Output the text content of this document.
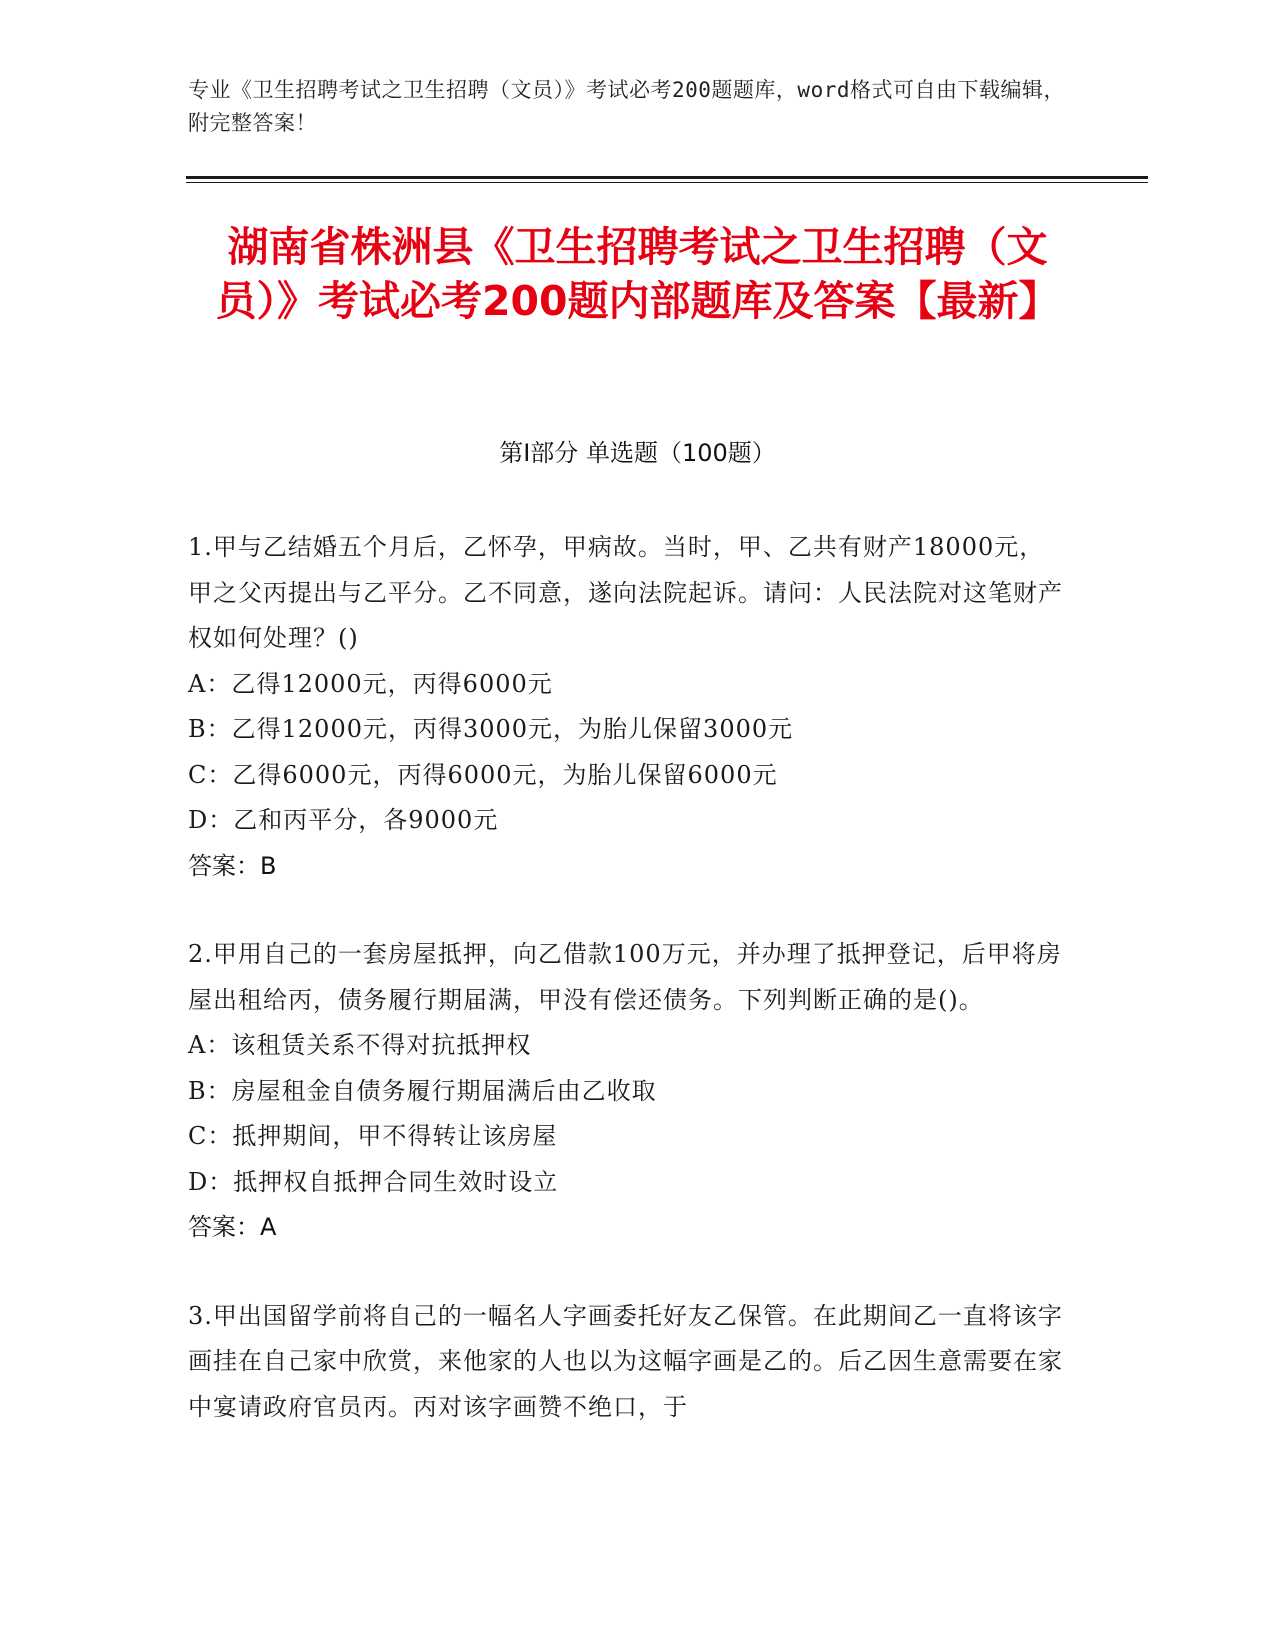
专业《卫生招聘考试之卫生招聘（文员）》考试必考200题题库，word格式可自由下载编辑，附完整答案！
湖南省株洲县《卫生招聘考试之卫生招聘（文员）》考试必考200题内部题库及答案【最新】
第I部分 单选题（100题）

1.甲与乙结婚五个月后，乙怀孕，甲病故。当时，甲、乙共有财产18000元，甲之父丙提出与乙平分。乙不同意，遂向法院起诉。请问：人民法院对这笔财产权如何处理？()

A：乙得12000元，丙得6000元

B：乙得12000元，丙得3000元，为胎儿保留3000元

C：乙得6000元，丙得6000元，为胎儿保留6000元

D：乙和丙平分，各9000元

答案：B

2.甲用自己的一套房屋抵押，向乙借款100万元，并办理了抵押登记，后甲将房屋出租给丙，债务履行期届满，甲没有偿还债务。下列判断正确的是()。

A：该租赁关系不得对抗抵押权

B：房屋租金自债务履行期届满后由乙收取

C：抵押期间，甲不得转让该房屋

D：抵押权自抵押合同生效时设立

答案：A

3.甲出国留学前将自己的一幅名人字画委托好友乙保管。在此期间乙一直将该字画挂在自己家中欣赏，来他家的人也以为这幅字画是乙的。后乙因生意需要在家中宴请政府官员丙。丙对该字画赞不绝口，于
